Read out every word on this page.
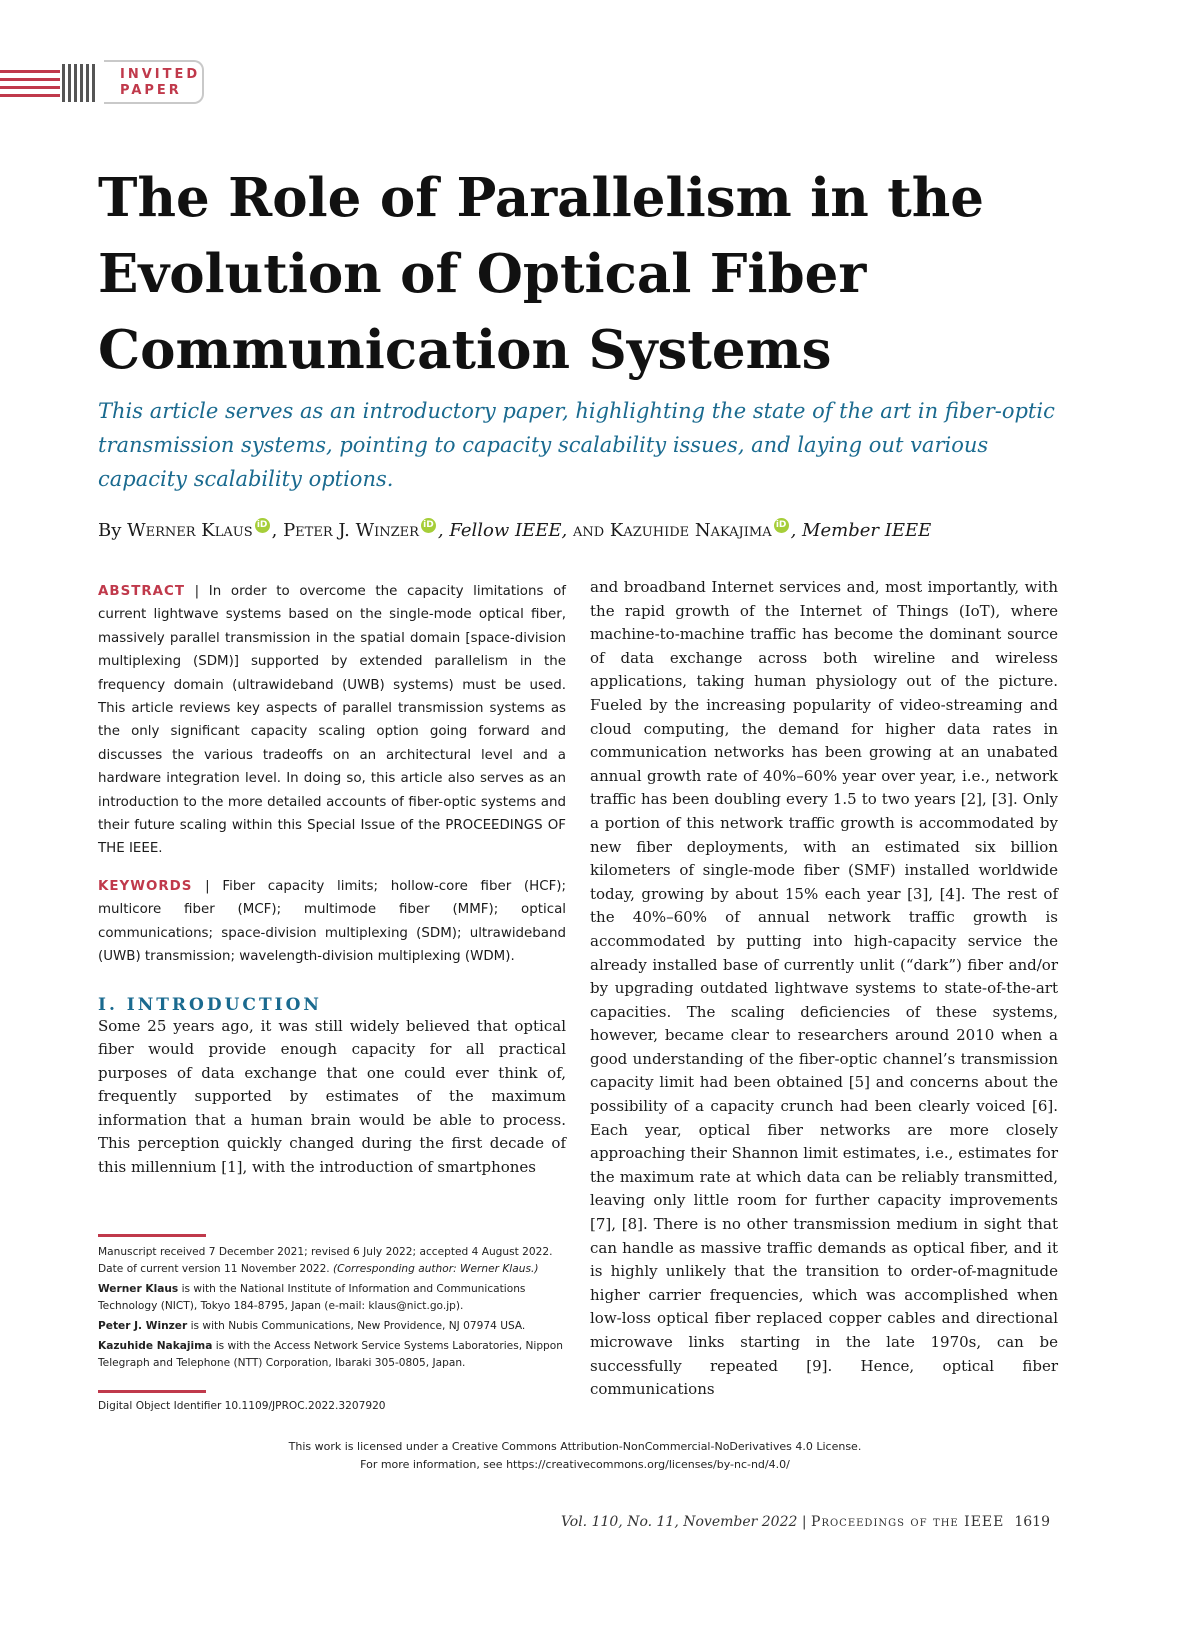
INVITED
PAPER
The Role of Parallelism in the Evolution of Optical Fiber Communication Systems
This article serves as an introductory paper, highlighting the state of the art in fiber-optic transmission systems, pointing to capacity scalability issues, and laying out various capacity scalability options.
By Werner Klaus iD , Peter J. Winzer iD , Fellow IEEE, and Kazuhide Nakajima iD , Member IEEE

ABSTRACT | In order to overcome the capacity limitations of current lightwave systems based on the single-mode optical fiber, massively parallel transmission in the spatial domain [space-division multiplexing (SDM)] supported by extended parallelism in the frequency domain (ultrawideband (UWB) systems) must be used. This article reviews key aspects of parallel transmission systems as the only significant capacity scaling option going forward and discusses the various tradeoffs on an architectural level and a hardware integration level. In doing so, this article also serves as an introduction to the more detailed accounts of fiber-optic systems and their future scaling within this Special Issue of the PROCEEDINGS OF THE IEEE.

KEYWORDS | Fiber capacity limits; hollow-core fiber (HCF); multicore fiber (MCF); multimode fiber (MMF); optical communications; space-division multiplexing (SDM); ultrawideband (UWB) transmission; wavelength-division multiplexing (WDM).

I. INTRODUCTION

Some 25 years ago, it was still widely believed that optical fiber would provide enough capacity for all practical purposes of data exchange that one could ever think of, frequently supported by estimates of the maximum information that a human brain would be able to process. This perception quickly changed during the first decade of this millennium [1], with the introduction of smartphones

and broadband Internet services and, most importantly, with the rapid growth of the Internet of Things (IoT), where machine-to-machine traffic has become the dominant source of data exchange across both wireline and wireless applications, taking human physiology out of the picture. Fueled by the increasing popularity of video-streaming and cloud computing, the demand for higher data rates in communication networks has been growing at an unabated annual growth rate of 40%–60% year over year, i.e., network traffic has been doubling every 1.5 to two years [2], [3]. Only a portion of this network traffic growth is accommodated by new fiber deployments, with an estimated six billion kilometers of single-mode fiber (SMF) installed worldwide today, growing by about 15% each year [3], [4]. The rest of the 40%–60% of annual network traffic growth is accommodated by putting into high-capacity service the already installed base of currently unlit (“dark”) fiber and/or by upgrading outdated lightwave systems to state-of-the-art capacities. The scaling deficiencies of these systems, however, became clear to researchers around 2010 when a good understanding of the fiber-optic channel’s transmission capacity limit had been obtained [5] and concerns about the possibility of a capacity crunch had been clearly voiced [6]. Each year, optical fiber networks are more closely approaching their Shannon limit estimates, i.e., estimates for the maximum rate at which data can be reliably transmitted, leaving only little room for further capacity improvements [7], [8]. There is no other transmission medium in sight that can handle as massive traffic demands as optical fiber, and it is highly unlikely that the transition to order-of-magnitude higher carrier frequencies, which was accomplished when low-loss optical fiber replaced copper cables and directional microwave links starting in the late 1970s, can be successfully repeated [9]. Hence, optical fiber communications

Manuscript received 7 December 2021; revised 6 July 2022; accepted 4 August 2022. Date of current version 11 November 2022. (Corresponding author: Werner Klaus.)

Werner Klaus is with the National Institute of Information and Communications Technology (NICT), Tokyo 184-8795, Japan (e-mail: klaus@nict.go.jp).

Peter J. Winzer is with Nubis Communications, New Providence, NJ 07974 USA.

Kazuhide Nakajima is with the Access Network Service Systems Laboratories, Nippon Telegraph and Telephone (NTT) Corporation, Ibaraki 305-0805, Japan.

Digital Object Identifier 10.1109/JPROC.2022.3207920
This work is licensed under a Creative Commons Attribution-NonCommercial-NoDerivatives 4.0 License.
For more information, see https://creativecommons.org/licenses/by-nc-nd/4.0/
Vol. 110, No. 11, November 2022 | Proceedings of the IEEE 1619
